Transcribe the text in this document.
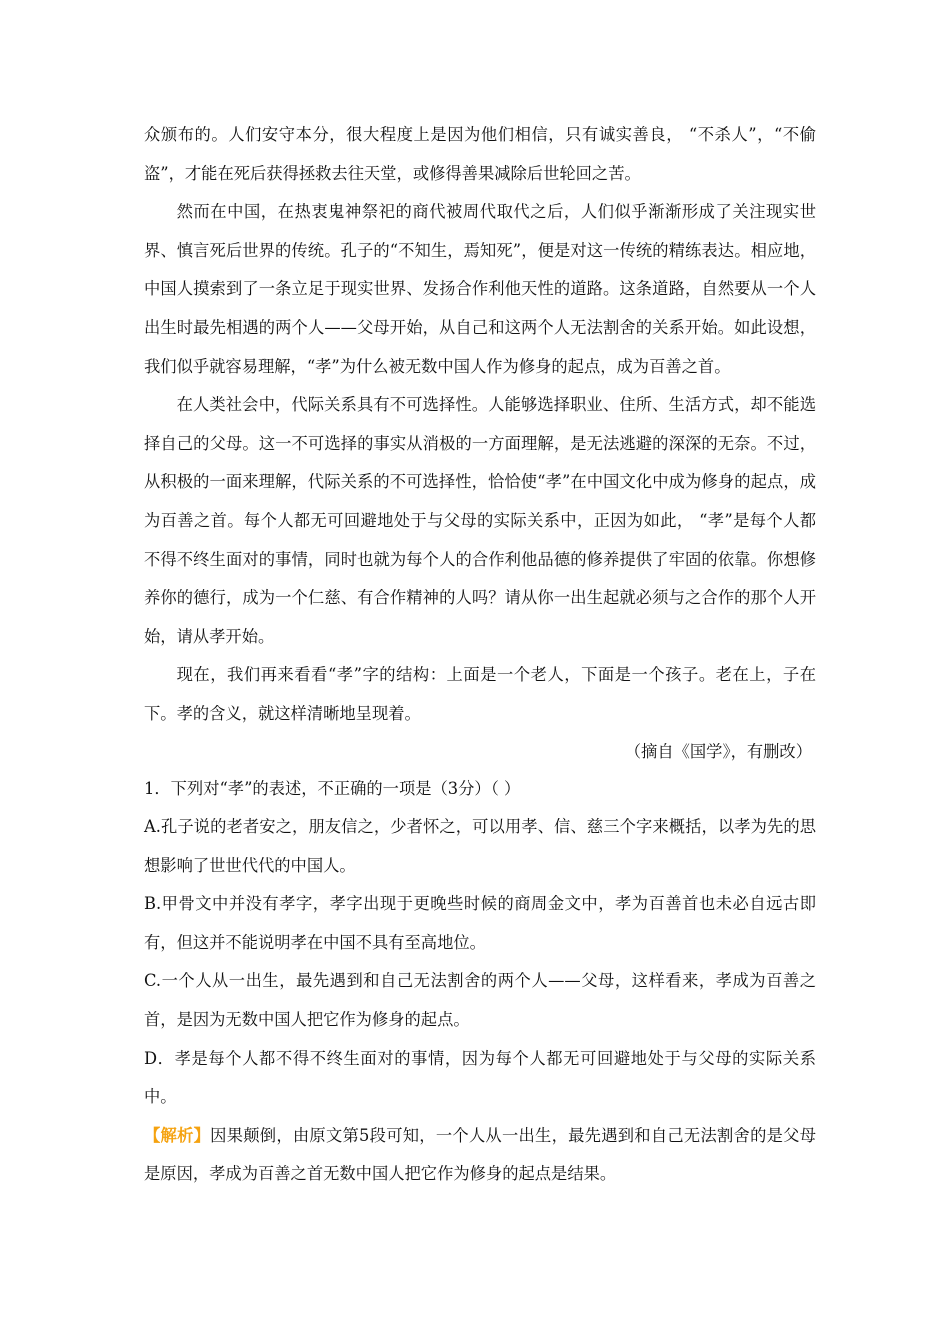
众颁布的。人们安守本分，很大程度上是因为他们相信，只有诚实善良， “不杀人”，“不偷盗”，才能在死后获得拯救去往天堂，或修得善果减除后世轮回之苦。

然而在中国，在热衷鬼神祭祀的商代被周代取代之后，人们似乎渐渐形成了关注现实世界、慎言死后世界的传统。孔子的“不知生，焉知死”，便是对这一传统的精练表达。相应地，中国人摸索到了一条立足于现实世界、发扬合作利他天性的道路。这条道路，自然要从一个人出生时最先相遇的两个人——父母开始，从自己和这两个人无法割舍的关系开始。如此设想，我们似乎就容易理解，“孝”为什么被无数中国人作为修身的起点，成为百善之首。

在人类社会中，代际关系具有不可选择性。人能够选择职业、住所、生活方式，却不能选择自己的父母。这一不可选择的事实从消极的一方面理解，是无法逃避的深深的无奈。不过，从积极的一面来理解，代际关系的不可选择性，恰恰使“孝”在中国文化中成为修身的起点，成为百善之首。每个人都无可回避地处于与父母的实际关系中，正因为如此， “孝”是每个人都不得不终生面对的事情，同时也就为每个人的合作利他品德的修养提供了牢固的依靠。你想修养你的德行，成为一个仁慈、有合作精神的人吗？请从你一出生起就必须与之合作的那个人开始，请从孝开始。

现在，我们再来看看“孝”字的结构：上面是一个老人，下面是一个孩子。老在上，子在下。孝的含义，就这样清晰地呈现着。

（摘自《国学》，有删改）

1．下列对“孝”的表述，不正确的一项是（3分）（ ）

A.孔子说的老者安之，朋友信之，少者怀之，可以用孝、信、慈三个字来概括，以孝为先的思想影响了世世代代的中国人。

B.甲骨文中并没有孝字，孝字出现于更晚些时候的商周金文中，孝为百善首也未必自远古即有，但这并不能说明孝在中国不具有至高地位。

C.一个人从一出生，最先遇到和自己无法割舍的两个人——父母，这样看来，孝成为百善之首，是因为无数中国人把它作为修身的起点。

D．孝是每个人都不得不终生面对的事情，因为每个人都无可回避地处于与父母的实际关系中。

【解析】因果颠倒，由原文第5段可知，一个人从一出生，最先遇到和自己无法割舍的是父母是原因，孝成为百善之首无数中国人把它作为修身的起点是结果。
